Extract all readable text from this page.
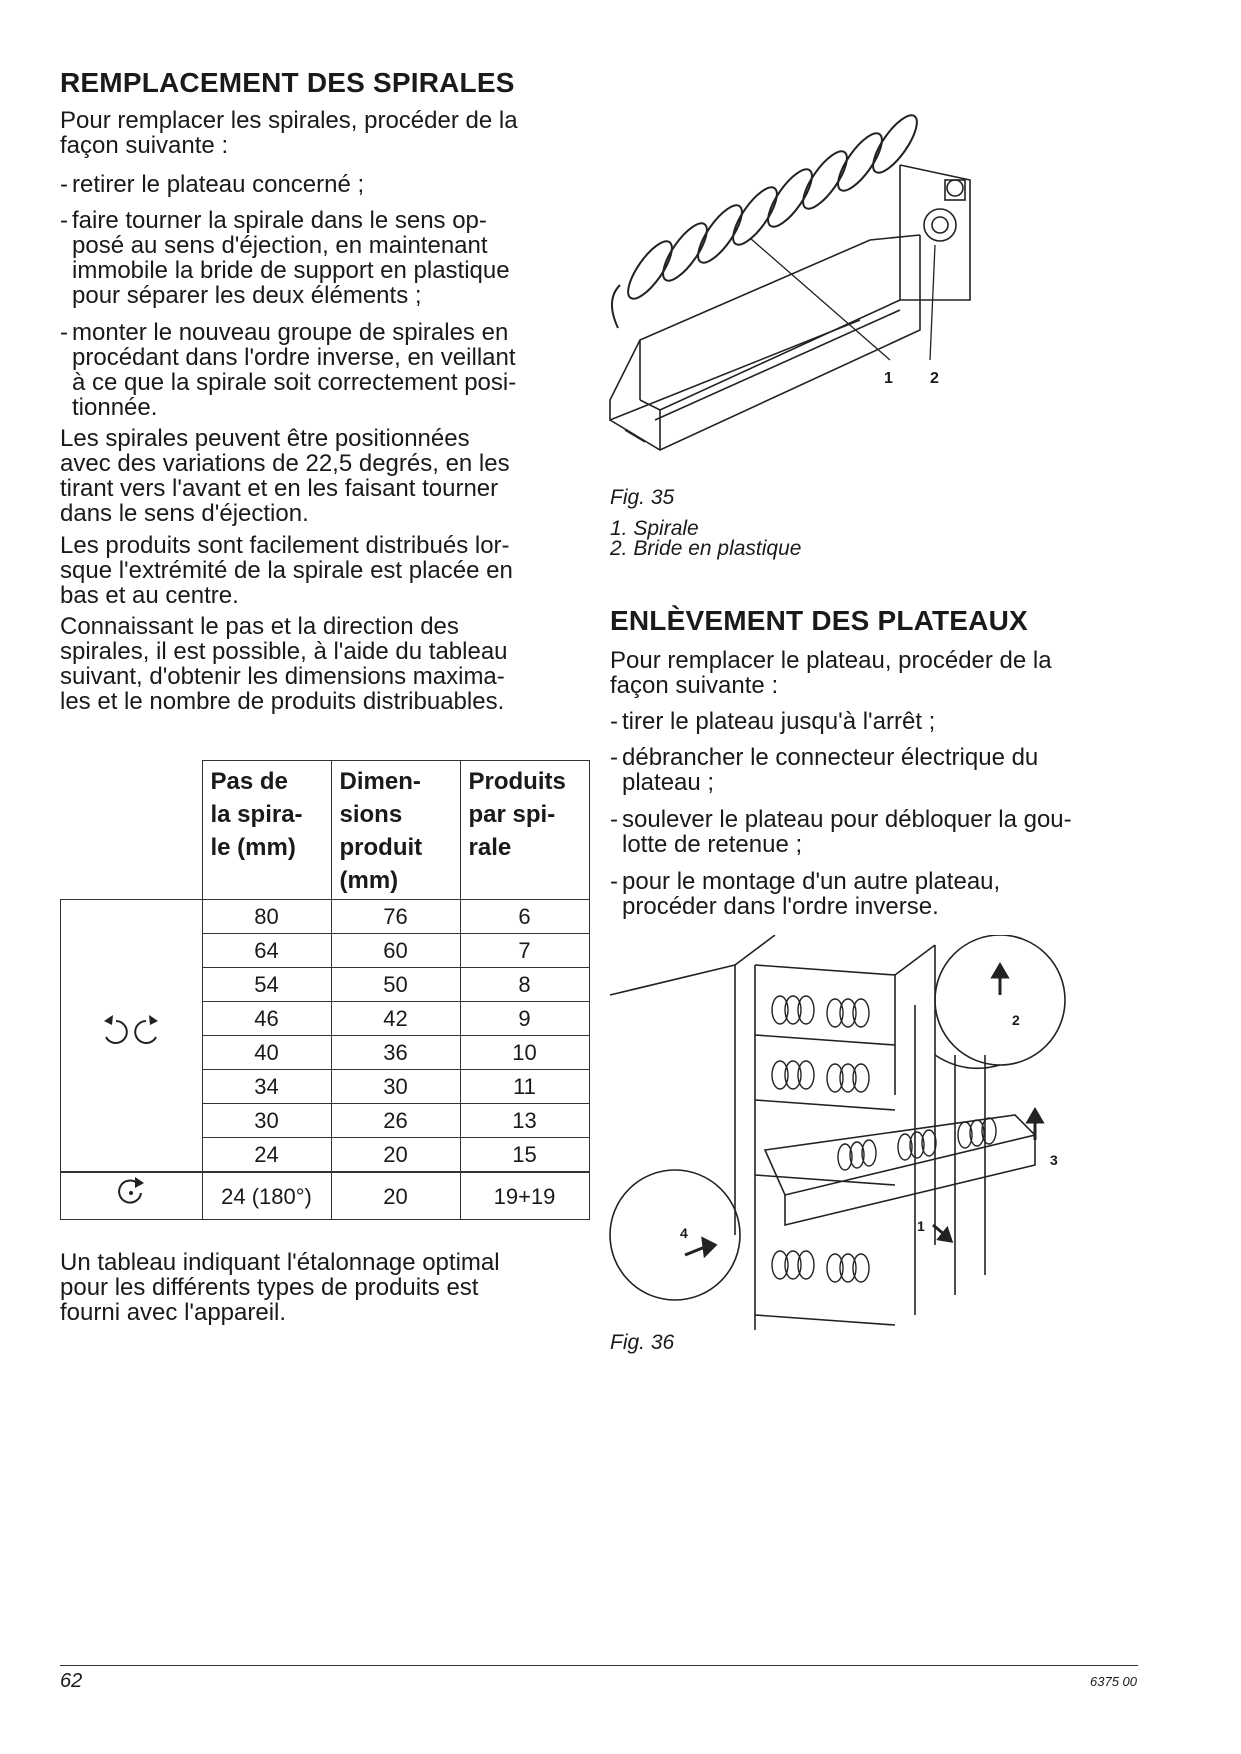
REMPLACEMENT DES SPIRALES

Pour remplacer les spirales, procéder de la
façon suivante :

- retirer le plateau concerné ;
- faire tourner la spirale dans le sens op-
posé au sens d'éjection, en maintenant
immobile la bride de support en plastique
pour séparer les deux éléments ;
- monter le nouveau groupe de spirales en
procédant dans l'ordre inverse, en veillant
à ce que la spirale soit correctement posi-
tionnée.

Les spirales peuvent être positionnées
avec des variations de 22,5 degrés, en les
tirant vers l'avant et en les faisant tourner
dans le sens d'éjection.

Les produits sont facilement distribués lor-
sque l'extrémité de la spirale est placée en
bas et au centre.

Connaissant le pas et la direction des
spirales, il est possible, à l'aide du tableau
suivant, d'obtenir les dimensions maxima-
les et le nombre de produits distribuables.

	Pas de
la spira-
le (mm)	Dimen-
sions
produit
(mm)	Produits
par spi-
rale
	80	76	6
	64	60	7
	54	50	8
	46	42	9
	40	36	10
	34	30	11
	30	26	13
	24	20	15
	24 (180°)	20	19+19

Un tableau indiquant l'étalonnage optimal
pour les différents types de produits est
fourni avec l'appareil.

1 2
Fig. 35
1. Spirale
2. Bride en plastique
ENLÈVEMENT DES PLATEAUX

Pour remplacer le plateau, procéder de la
façon suivante :

- tirer le plateau jusqu'à l'arrêt ;
- débrancher le connecteur électrique du
plateau ;
- soulever le plateau pour débloquer la gou-
lotte de retenue ;
- pour le montage d'un autre plateau,
procéder dans l'ordre inverse.
2
3
4	1
Fig. 36
62	6375 00
